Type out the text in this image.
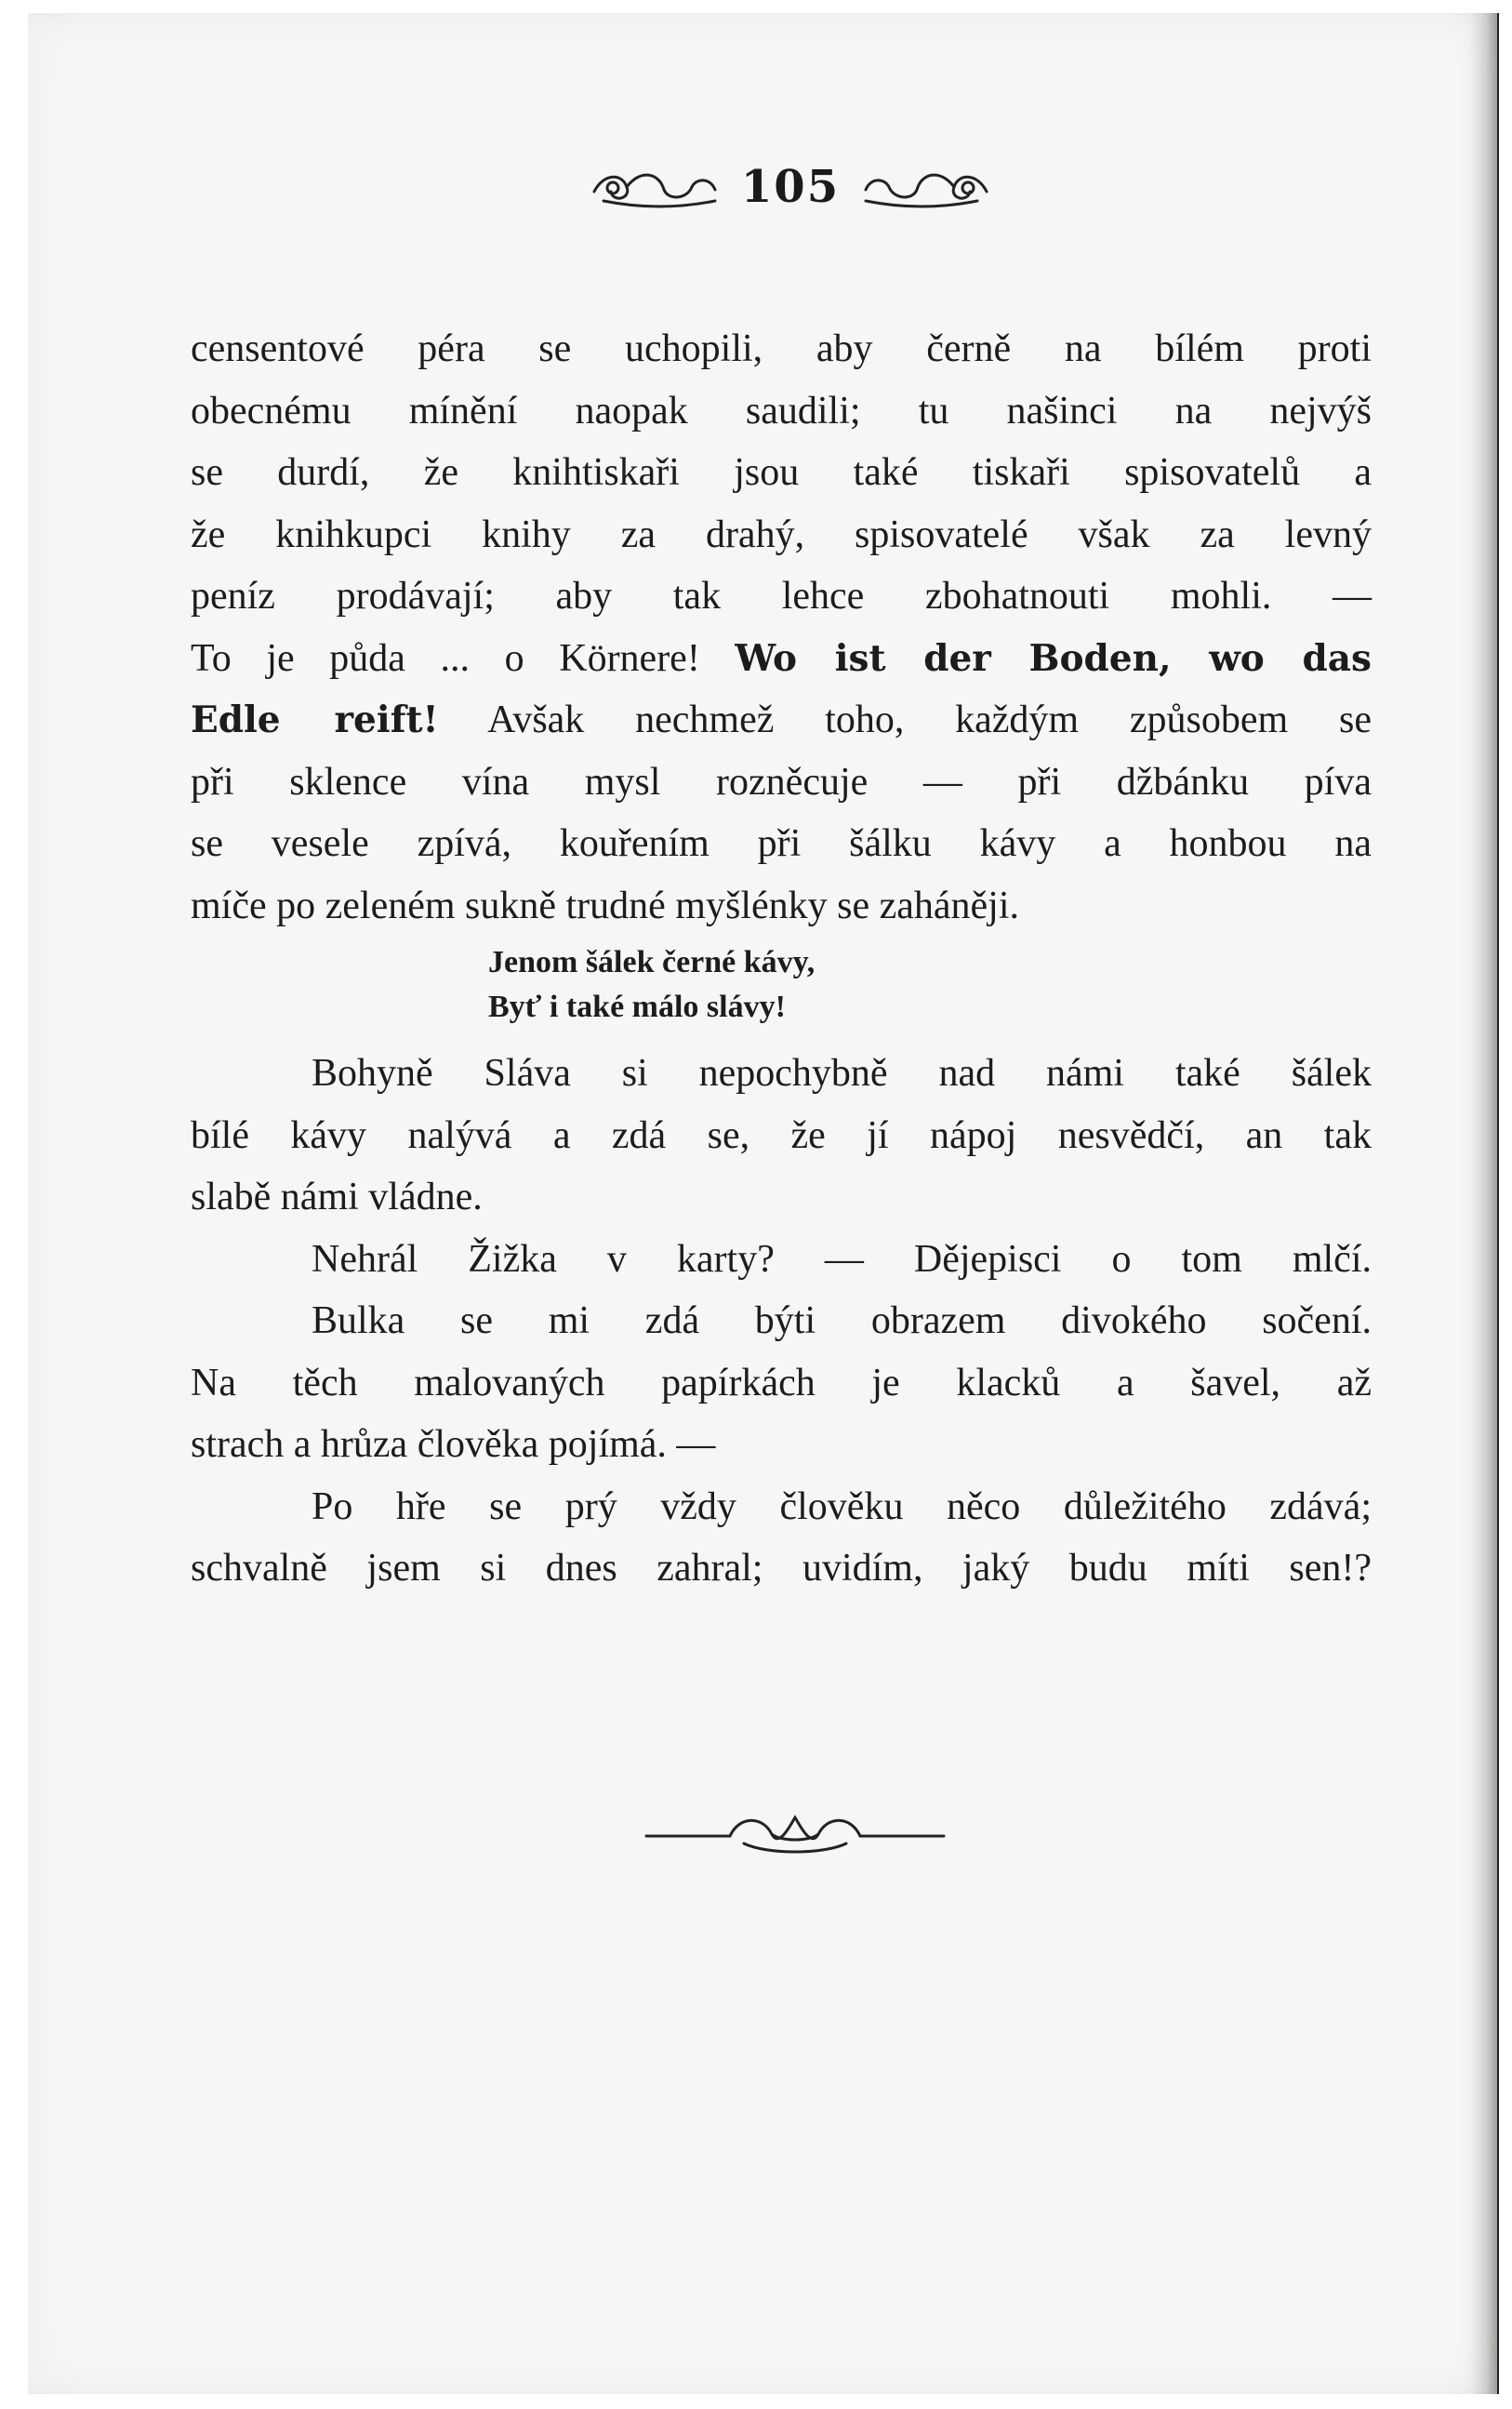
105
censentové péra se uchopili, aby černě na bílém proti
obecnému mínění naopak saudili; tu našinci na nejvýš
se durdí, že knihtiskaři jsou také tiskaři spisovatelů a
že knihkupci knihy za drahý, spisovatelé však za levný
peníz prodávají; aby tak lehce zbohatnouti mohli. —
To je půda ... o Körnere! Wo ist der Boden, wo das
Edle reift! Avšak nechmež toho, každým způsobem se
při sklence vína mysl rozněcuje — při džbánku píva
se vesele zpívá, kouřením při šálku kávy a honbou na
míče po zeleném sukně trudné myšlénky se zaháněji.
Jenom šálek černé kávy,
Byť i také málo slávy!
Bohyně Sláva si nepochybně nad námi také šálek
bílé kávy nalývá a zdá se, že jí nápoj nesvědčí, an tak
slabě námi vládne.
Nehrál Žižka v karty? — Dějepisci o tom mlčí.
Bulka se mi zdá býti obrazem divokého sočení.
Na těch malovaných papírkách je klacků a šavel, až
strach a hrůza člověka pojímá. —
Po hře se prý vždy člověku něco důležitého zdává;
schvalně jsem si dnes zahral; uvidím, jaký budu míti sen!?
